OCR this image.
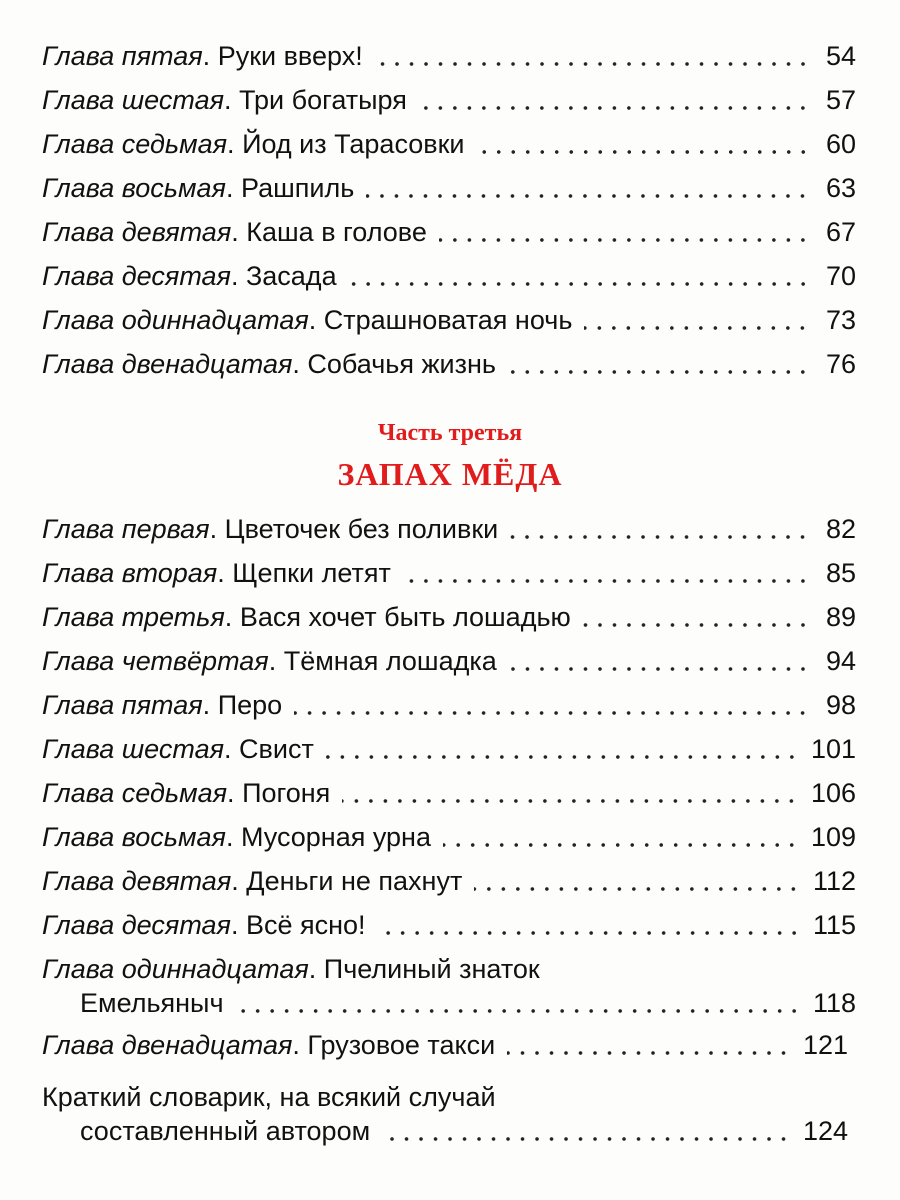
Глава пятая . Руки вверх!	54
Глава шестая . Три богатыря	57
Глава седьмая . Йод из Тарасовки	60
Глава восьмая . Рашпиль	63
Глава девятая . Каша в голове	67
Глава десятая . Засада	70
Глава одиннадцатая . Страшноватая ночь	73
Глава двенадцатая . Собачья жизнь	76
Часть третья
ЗАПАХ МЁДА
Глава первая . Цветочек без поливки	82
Глава вторая . Щепки летят	85
Глава третья . Вася хочет быть лошадью	89
Глава четвёртая . Тёмная лошадка	94
Глава пятая . Перо	98
Глава шестая . Свист	101
Глава седьмая . Погоня	106
Глава восьмая . Мусорная урна	109
Глава девятая . Деньги не пахнут	112
Глава десятая . Всё ясно!	115
Глава одиннадцатая. Пчелиный знаток
Емельяныч	118
Глава двенадцатая . Грузовое такси	121
Краткий словарик, на всякий случай
составленный автором	124
